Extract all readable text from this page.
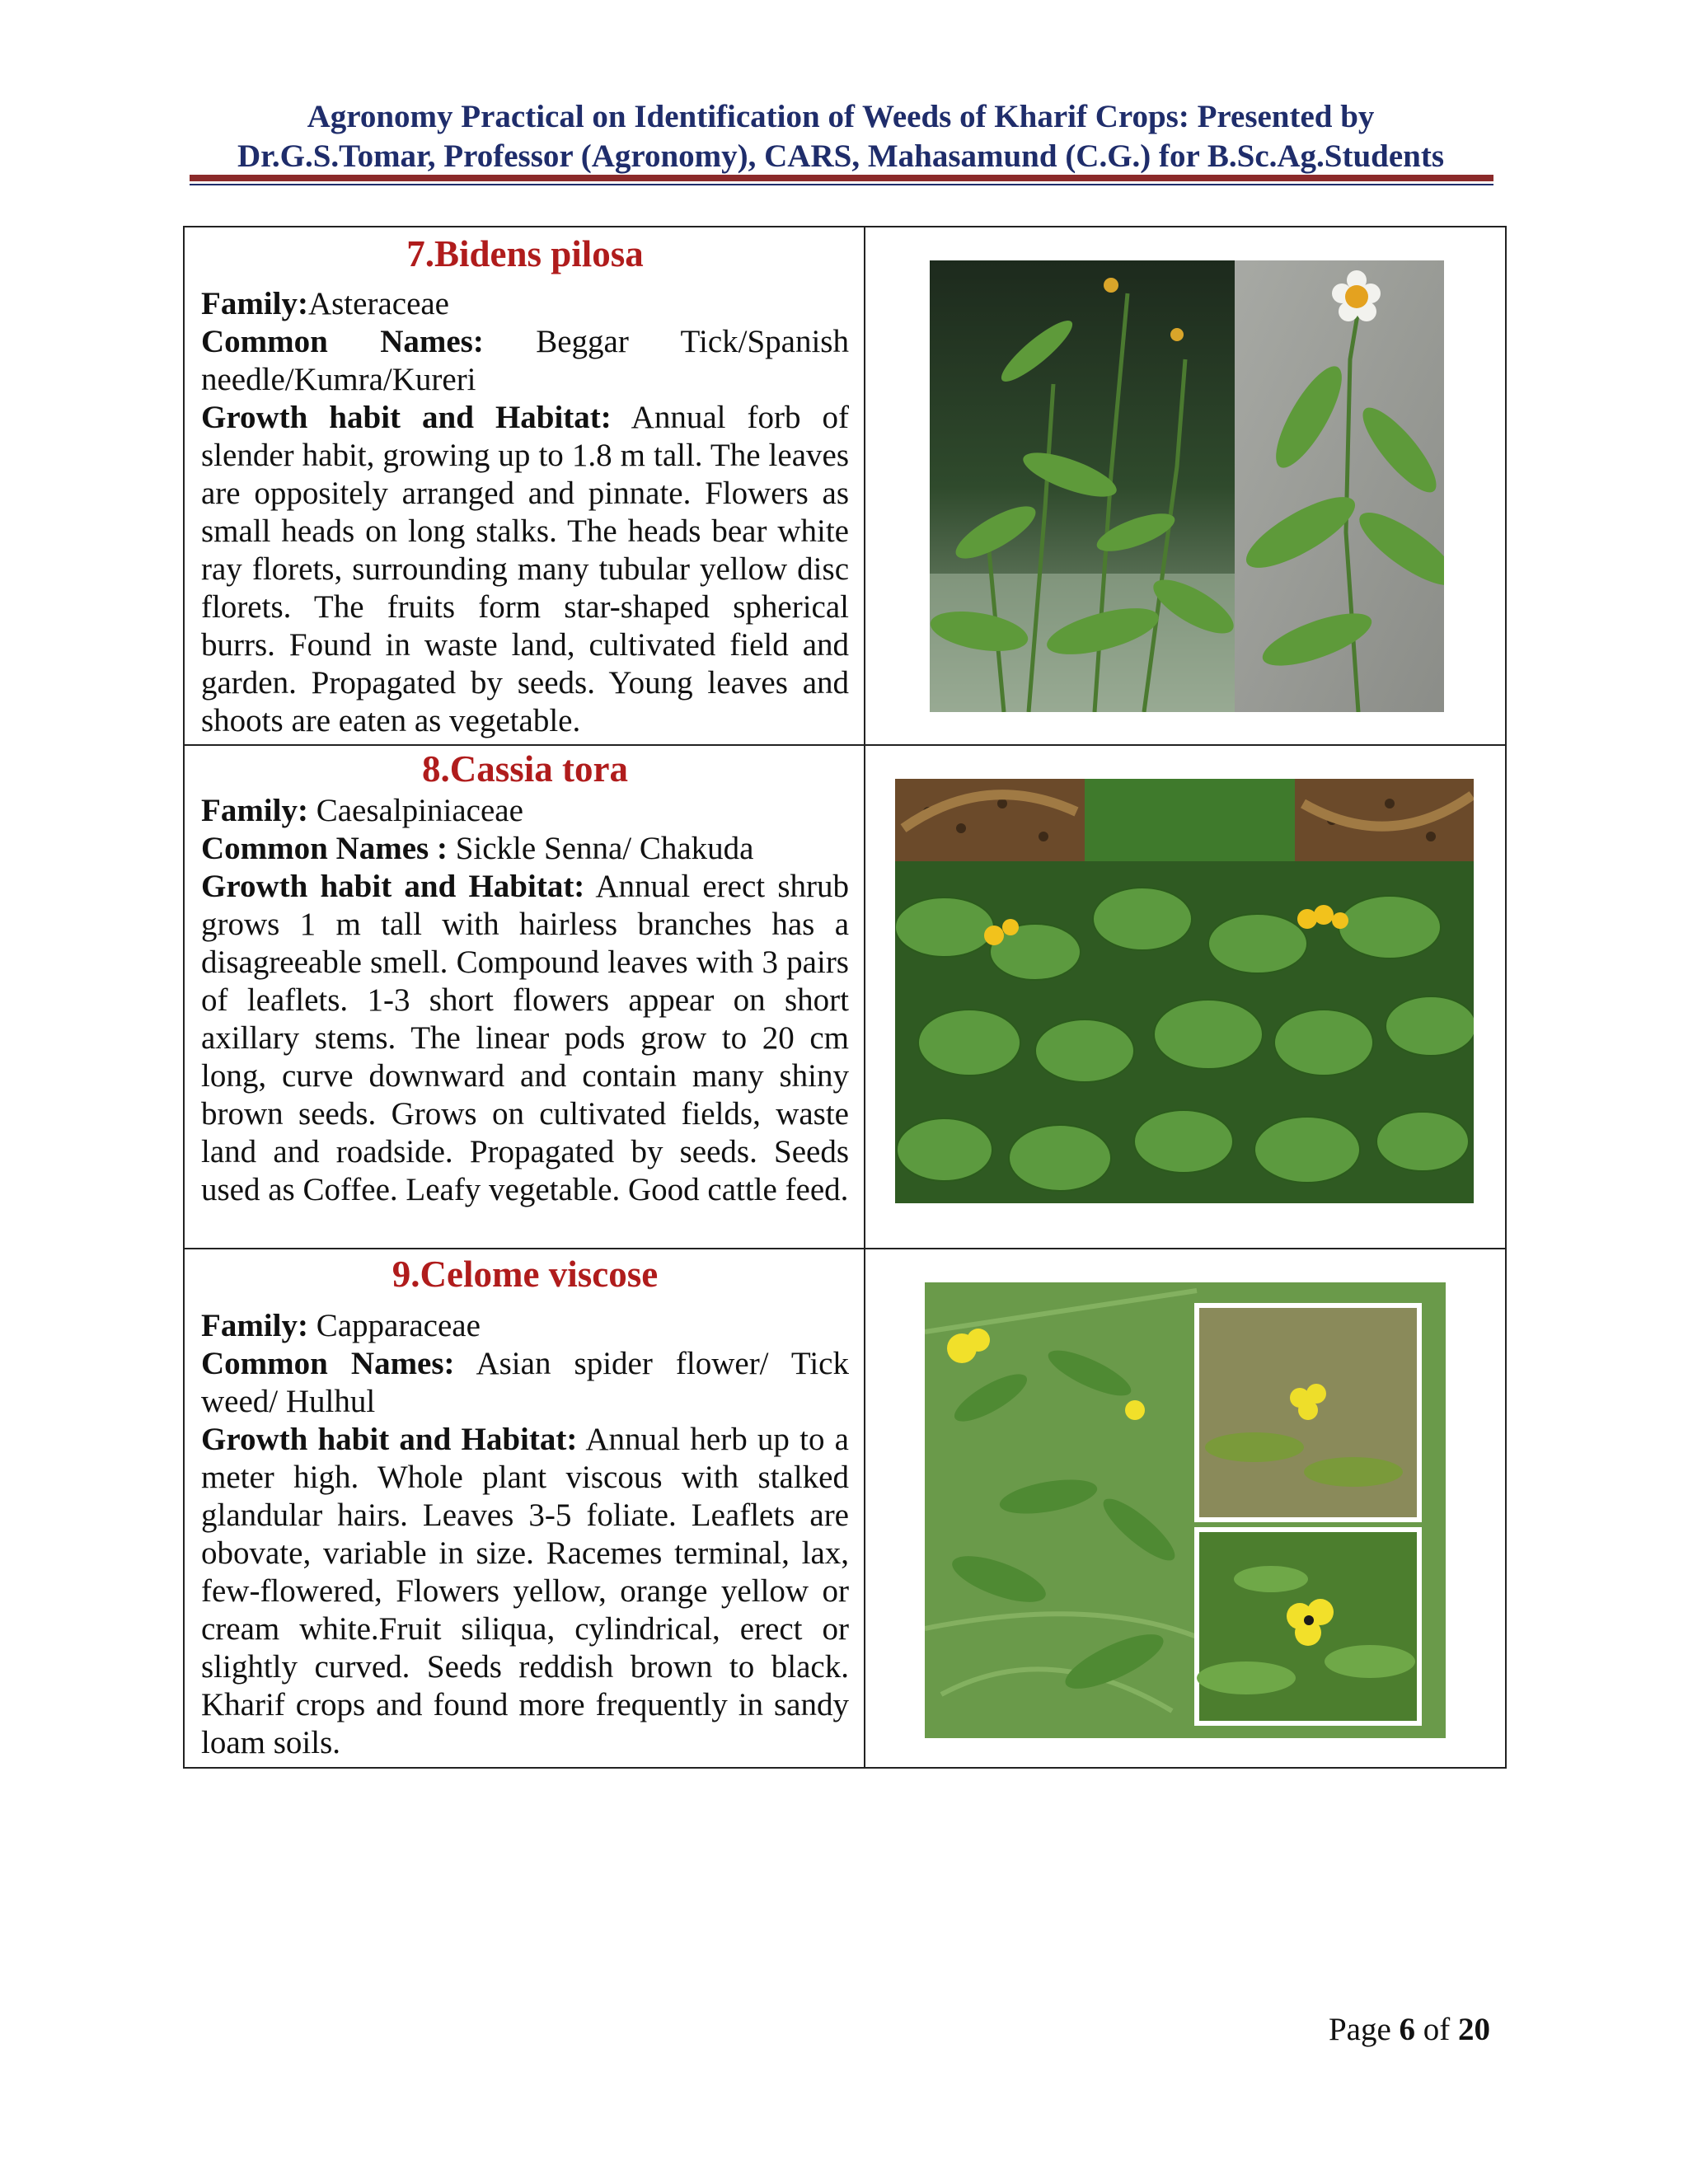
Agronomy Practical on Identification of Weeds of Kharif Crops: Presented by
Dr.G.S.Tomar, Professor (Agronomy), CARS, Mahasamund (C.G.) for B.Sc.Ag.Students
7.Bidens pilosa
Family:Asteraceae
Common Names: Beggar Tick/Spanish needle/Kumra/Kureri
Growth habit and Habitat: Annual forb of slender habit, growing up to 1.8 m tall. The leaves are oppositely arranged and pinnate. Flowers as small heads on long stalks. The heads bear white ray florets, surrounding many tubular yellow disc florets. The fruits form star-shaped spherical burrs. Found in waste land, cultivated field and garden. Propagated by seeds. Young leaves and shoots are eaten as vegetable.

8.Cassia tora
Family: Caesalpiniaceae
Common Names : Sickle Senna/ Chakuda
Growth habit and Habitat: Annual erect shrub grows 1 m tall with hairless branches has a disagreeable smell. Compound leaves with 3 pairs of leaflets. 1-3 short flowers appear on short axillary stems. The linear pods grow to 20 cm long, curve downward and contain many shiny brown seeds. Grows on cultivated fields, waste land and roadside. Propagated by seeds. Seeds used as Coffee. Leafy vegetable. Good cattle feed.

9.Celome viscose
Family: Capparaceae
Common Names: Asian spider flower/ Tick weed/ Hulhul
Growth habit and Habitat: Annual herb up to a meter high. Whole plant viscous with stalked glandular hairs. Leaves 3-5 foliate. Leaflets are obovate, variable in size. Racemes terminal, lax, few-flowered, Flowers yellow, orange yellow or cream white.Fruit siliqua, cylindrical, erect or slightly curved. Seeds reddish brown to black. Kharif crops and found more frequently in sandy loam soils.

Page 6 of 20
